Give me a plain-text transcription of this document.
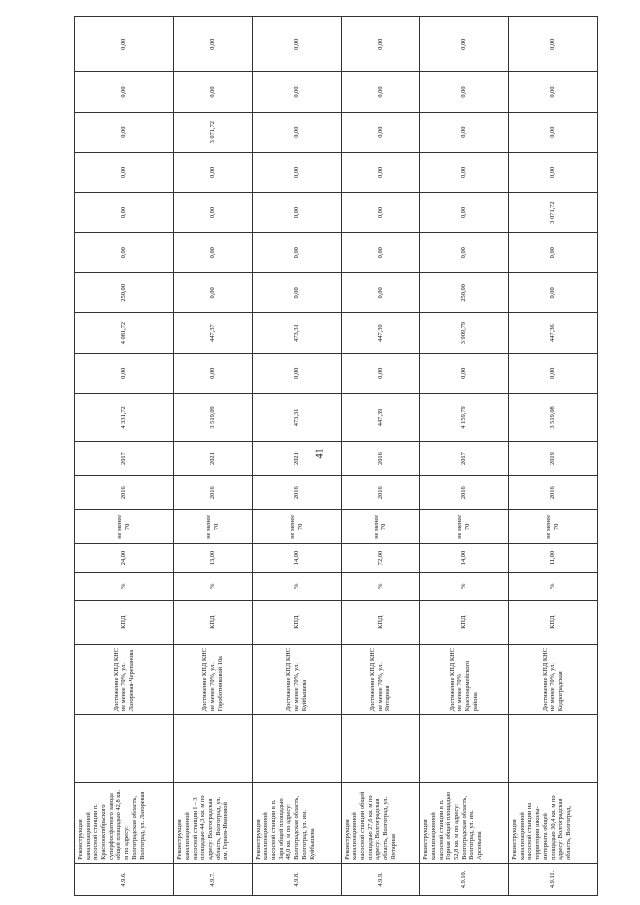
41
4.9.6.	Реконструкция канализационной насосной станции п. Краснооктябрьского суперфосфатного завода общей площадью 42,8 кв. м по адресу: Волгоградская область, Волгоград, ул. Лазоревая		Достижение КПД КНС не менее 70%, ул. Лазоревая-Черепанова	КПД	%	24,00	не менее 70	2016	2017	4 331,72	0,00	4 081,72	250,00	0,00	0,00	0,00	0,00	0,00	0,00
4.9.7.	Реконструкция канализационной насосной станции I – 3 площадью 44,3 кв. м по адресу: Волгоградская область, Волгоград, ул. им. Героев-Ивановой		Достижение КПД КНС не менее 70%, ул. Гороботниковой 10а	КПД	%	13,00	не менее 70	2016	2021	3 519,09	0,00	447,37	0,00	0,00	0,00	0,00	3 071,72	0,00	0,00
4.9.8.	Реконструкция канализационной насосной станции в п. Заря общей площадью 48,0 кв. м по адресу: Волгоградская область, Волгоград, ул. им. Куйбышева		Достижение КПД КНС не менее 70%, ул. Куйбышева	КПД	%	14,00	не менее 70	2016	2021	473,31	0,00	473,31	0,00	0,00	0,00	0,00	0,00	0,00	0,00
4.9.9.	Реконструкция канализационной насосной станции общей площадью 27,6 кв. м по адресу: Волгоградская область, Волгоград, ул. Янтарная		Достижение КПД КНС не менее 70%, ул. Янтарная	КПД	%	72,00	не менее 70	2016	2016	447,39	0,00	447,39	0,00	0,00	0,00	0,00	0,00	0,00	0,00
4.9.10.	Реконструкция канализационной насосной станции в п. Горная общей площадью 52,8 кв. м по адресу: Волгоградская область, Волгоград, ул. им. Арсеньева		Достижение КПД КНС не менее 70% Красноармейского района	КПД	%	14,00	не менее 70	2016	2017	4 159,79	0,00	3 909,79	250,00	0,00	0,00	0,00	0,00	0,00	0,00
4.9.11.	Реконструкция канализационной насосной станции на территории школы-интерната общей площадью 30,4 кв. м по адресу: Волгоградская область, Волгоград,		Достижение КПД КНС не менее 70%, ул. Кедроградская	КПД	%	11,00	не менее 70	2016	2019	3 519,08	0,00	447,36	0,00	0,00	3 071,72	0,00	0,00	0,00	0,00
